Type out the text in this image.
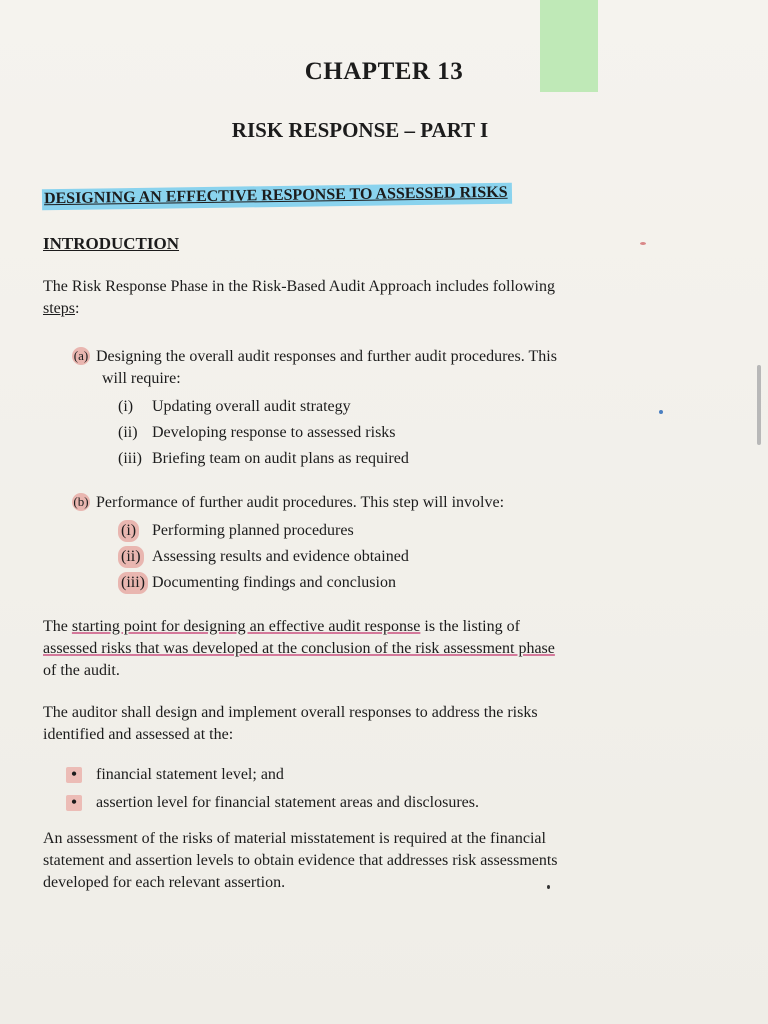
CHAPTER 13
RISK RESPONSE – PART I
DESIGNING AN EFFECTIVE RESPONSE TO ASSESSED RISKS
INTRODUCTION
The Risk Response Phase in the Risk-Based Audit Approach includes following
steps:
(a) Designing the overall audit responses and further audit procedures. This
will require:
(i) Updating overall audit strategy
(ii) Developing response to assessed risks
(iii) Briefing team on audit plans as required
(b) Performance of further audit procedures. This step will involve:
(i) Performing planned procedures
(ii) Assessing results and evidence obtained
(iii) Documenting findings and conclusion
The starting point for designing an effective audit response is the listing of
assessed risks that was developed at the conclusion of the risk assessment phase
of the audit.
The auditor shall design and implement overall responses to address the risks
identified and assessed at the:
• financial statement level; and
• assertion level for financial statement areas and disclosures.
An assessment of the risks of material misstatement is required at the financial
statement and assertion levels to obtain evidence that addresses risk assessments
developed for each relevant assertion.
